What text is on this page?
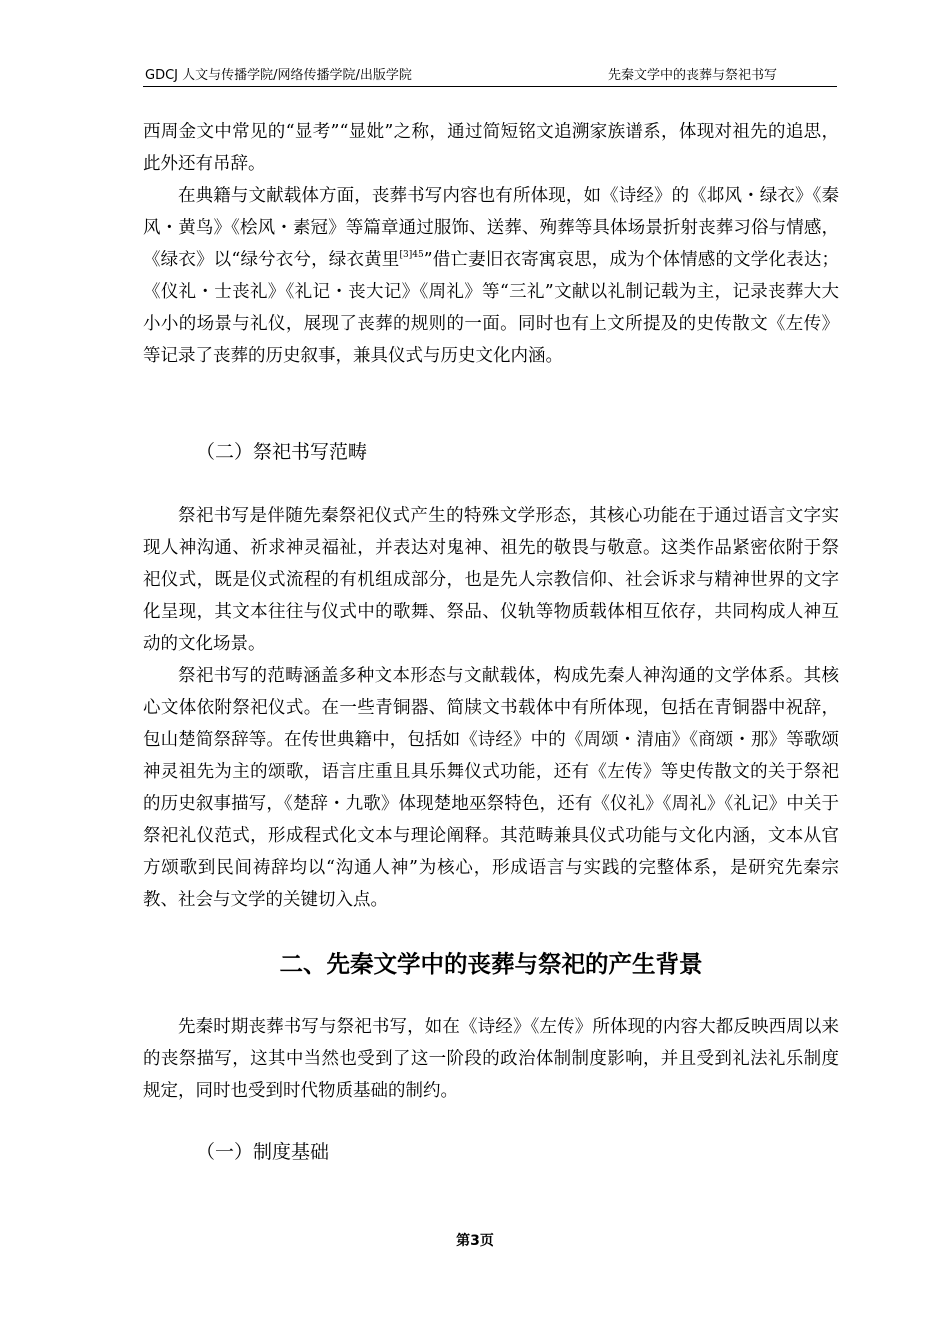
GDCJ 人文与传播学院/网络传播学院/出版学院	先秦文学中的丧葬与祭祀书写

西周金文中常见的“显考”“显妣”之称，通过简短铭文追溯家族谱系，体现对祖先的追思，此外还有吊辞。

在典籍与文献载体方面，丧葬书写内容也有所体现，如《诗经》的《邶风・绿衣》《秦风・黄鸟》《桧风・素冠》等篇章通过服饰、送葬、殉葬等具体场景折射丧葬习俗与情感，《绿衣》以“绿兮衣兮，绿衣黄里$^{[3]45}$”借亡妻旧衣寄寓哀思，成为个体情感的文学化表达；《仪礼・士丧礼》《礼记・丧大记》《周礼》等“三礼”文献以礼制记载为主，记录丧葬大大小小的场景与礼仪，展现了丧葬的规则的一面。同时也有上文所提及的史传散文《左传》等记录了丧葬的历史叙事，兼具仪式与历史文化内涵。

（二）祭祀书写范畴

祭祀书写是伴随先秦祭祀仪式产生的特殊文学形态，其核心功能在于通过语言文字实现人神沟通、祈求神灵福祉，并表达对鬼神、祖先的敬畏与敬意。这类作品紧密依附于祭祀仪式，既是仪式流程的有机组成部分，也是先人宗教信仰、社会诉求与精神世界的文字化呈现，其文本往往与仪式中的歌舞、祭品、仪轨等物质载体相互依存，共同构成人神互动的文化场景。

祭祀书写的范畴涵盖多种文本形态与文献载体，构成先秦人神沟通的文学体系。其核心文体依附祭祀仪式。在一些青铜器、简牍文书载体中有所体现，包括在青铜器中祝辞，包山楚简祭辞等。在传世典籍中，包括如《诗经》中的《周颂・清庙》《商颂・那》等歌颂神灵祖先为主的颂歌，语言庄重且具乐舞仪式功能，还有《左传》等史传散文的关于祭祀的历史叙事描写，《楚辞・九歌》体现楚地巫祭特色，还有《仪礼》《周礼》《礼记》中关于祭祀礼仪范式，形成程式化文本与理论阐释。其范畴兼具仪式功能与文化内涵，文本从官方颂歌到民间祷辞均以“沟通人神”为核心，形成语言与实践的完整体系，是研究先秦宗教、社会与文学的关键切入点。

二、先秦文学中的丧葬与祭祀的产生背景

先秦时期丧葬书写与祭祀书写，如在《诗经》《左传》所体现的内容大都反映西周以来的丧祭描写，这其中当然也受到了这一阶段的政治体制制度影响，并且受到礼法礼乐制度规定，同时也受到时代物质基础的制约。

（一）制度基础
第3页
